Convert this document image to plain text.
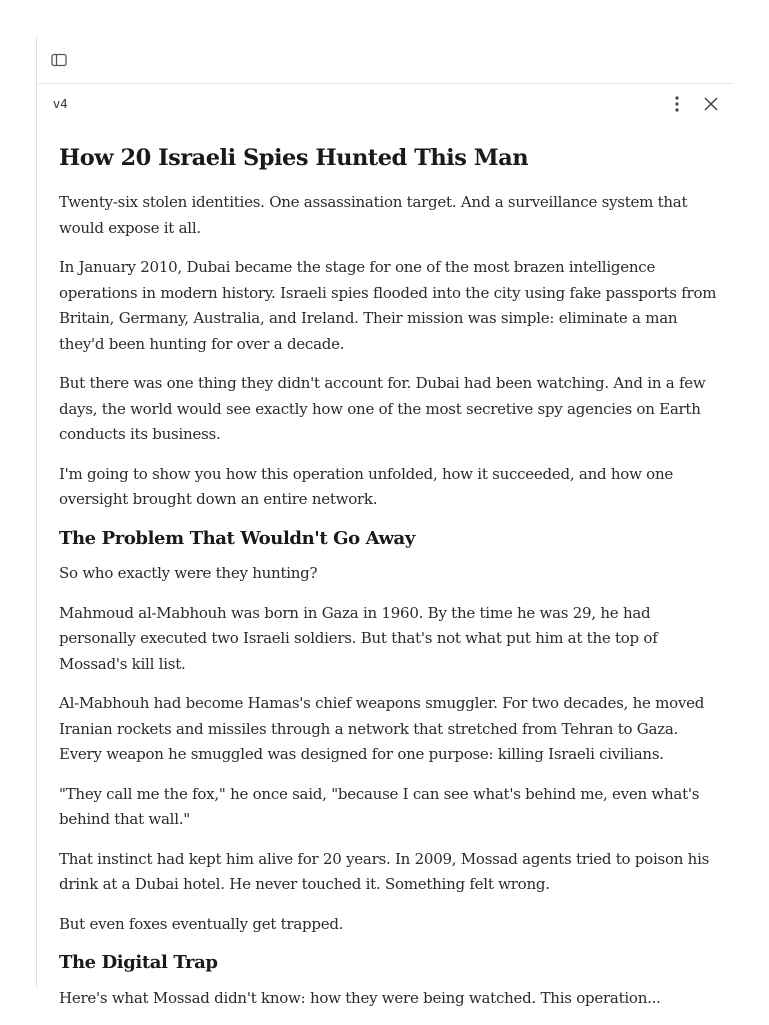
v4
How 20 Israeli Spies Hunted This Man

Twenty-six stolen identities. One assassination target. And a surveillance system that would expose it all.

In January 2010, Dubai became the stage for one of the most brazen intelligence operations in modern history. Israeli spies flooded into the city using fake passports from Britain, Germany, Australia, and Ireland. Their mission was simple: eliminate a man they'd been hunting for over a decade.

But there was one thing they didn't account for. Dubai had been watching. And in a few days, the world would see exactly how one of the most secretive spy agencies on Earth conducts its business.

I'm going to show you how this operation unfolded, how it succeeded, and how one oversight brought down an entire network.

The Problem That Wouldn't Go Away

So who exactly were they hunting?

Mahmoud al-Mabhouh was born in Gaza in 1960. By the time he was 29, he had personally executed two Israeli soldiers. But that's not what put him at the top of Mossad's kill list.

Al-Mabhouh had become Hamas's chief weapons smuggler. For two decades, he moved Iranian rockets and missiles through a network that stretched from Tehran to Gaza. Every weapon he smuggled was designed for one purpose: killing Israeli civilians.

"They call me the fox," he once said, "because I can see what's behind me, even what's behind that wall."

That instinct had kept him alive for 20 years. In 2009, Mossad agents tried to poison his drink at a Dubai hotel. He never touched it. Something felt wrong.

But even foxes eventually get trapped.

The Digital Trap

Here's what Mossad didn't know: how they were being watched. This operation...
